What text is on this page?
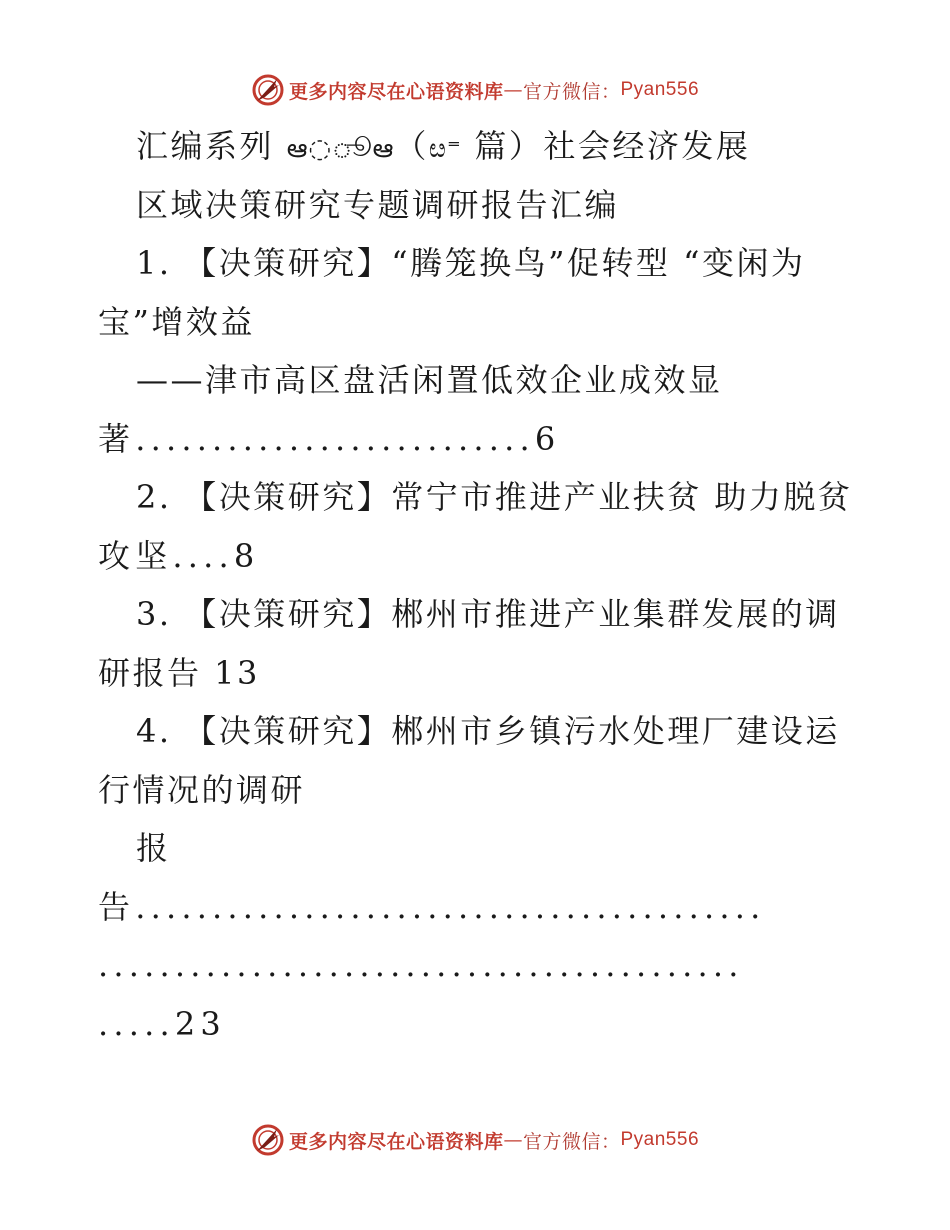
更多内容尽在心语资料库 — 官方微信： Pyan556
汇编系列 ఆ◌ூఆ（ೞ⁼ 篇）社会经济发展
区域决策研究专题调研报告汇编
1. 【决策研究】“腾笼换鸟”促转型 “变闲为
宝”增效益
——津市高区盘活闲置低效企业成效显
著..........................6
2. 【决策研究】常宁市推进产业扶贫 助力脱贫
攻坚....8
3. 【决策研究】郴州市推进产业集群发展的调
研报告 13
4. 【决策研究】郴州市乡镇污水处理厂建设运
行情况的调研
报
告.........................................
..........................................
.....23
更多内容尽在心语资料库 — 官方微信： Pyan556
